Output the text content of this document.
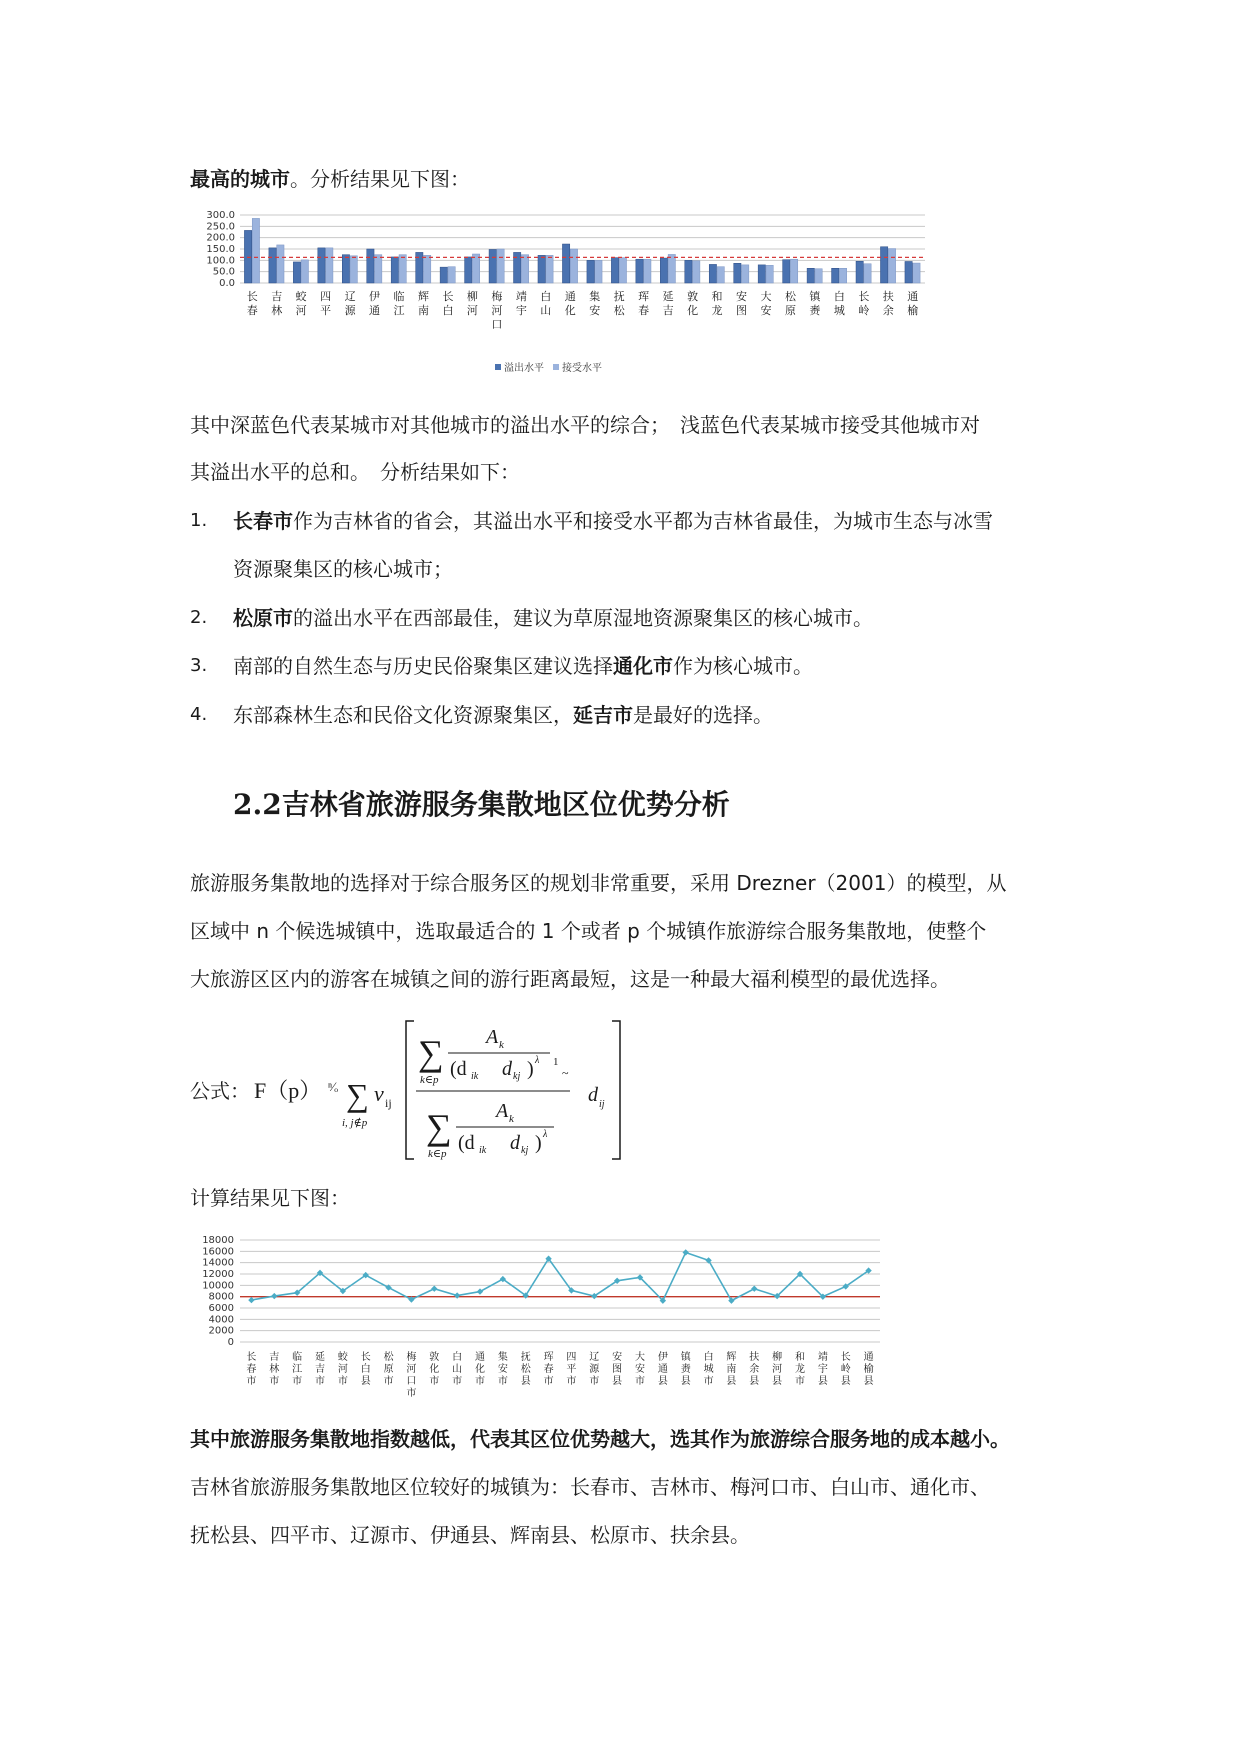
最高的城市。分析结果见下图：

300.0
250.0
200.0
150.0
100.0
50.0
0.0
长
春
吉
林
蛟
河
四
平
辽
源
伊
通
临
江
辉
南
长
白
柳
河
梅
河
口
靖
宇
白
山
通
化
集
安
抚
松
珲
春
延
吉
敦
化
和
龙
安
图
大
安
松
原
镇
赉
白
城
长
岭
扶
余
通
榆
溢出水平 接受水平

其中深蓝色代表某城市对其他城市的溢出水平的综合；　浅蓝色代表某城市接受其他城市对

其溢出水平的总和。　分析结果如下：

1. 长春市作为吉林省的省会，其溢出水平和接受水平都为吉林省最佳，为城市生态与冰雪

资源聚集区的核心城市；

2. 松原市的溢出水平在西部最佳，建议为草原湿地资源聚集区的核心城市。

3. 南部的自然生态与历史民俗聚集区建议选择通化市作为核心城市。

4. 东部森林生态和民俗文化资源聚集区，延吉市是最好的选择。

2.2吉林省旅游服务集散地区位优势分析

旅游服务集散地的选择对于综合服务区的规划非常重要，采用 Drezner（2001）的模型，从

区域中 n 个候选城镇中，选取最适合的 1 个或者 p 个城镇作旅游综合服务集散地，使整个

大旅游区区内的游客在城镇之间的游行距离最短，这是一种最大福利模型的最优选择。

公式： F（p） ⁿ⁄ₒ ∑
i, j∉p
v ij
∑
k∈p
A k
(d ik d kj ) λ 1
~
∑
k∈p
A k
(d ik d kj ) λ
d ij

计算结果见下图：

18000
16000
14000
12000
10000
8000
6000
4000
2000
0
长
春
市
吉
林
市
临
江
市
延
吉
市
蛟
河
市
长
白
县
松
原
市
梅
河
口
市
敦
化
市
白
山
市
通
化
市
集
安
市
抚
松
县
珲
春
市
四
平
市
辽
源
市
安
图
县
大
安
市
伊
通
县
镇
赉
县
白
城
市
辉
南
县
扶
余
县
柳
河
县
和
龙
市
靖
宇
县
长
岭
县
通
榆
县

其中旅游服务集散地指数越低，代表其区位优势越大，选其作为旅游综合服务地的成本越小。

吉林省旅游服务集散地区位较好的城镇为：长春市、吉林市、梅河口市、白山市、通化市、

抚松县、四平市、辽源市、伊通县、辉南县、松原市、扶余县。
